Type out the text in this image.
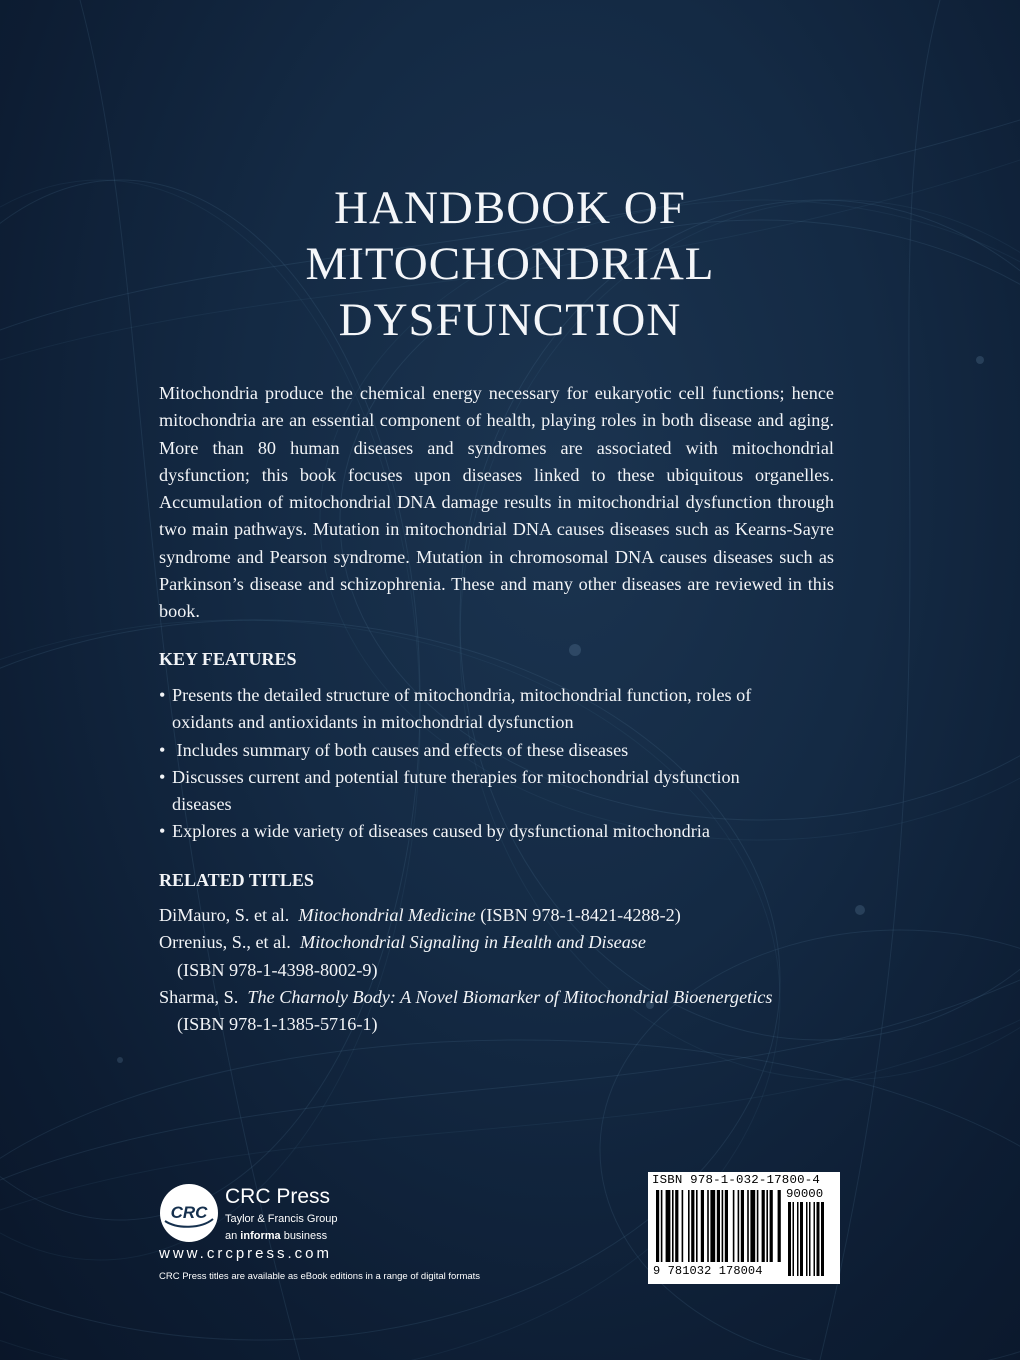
HANDBOOK OF
MITOCHONDRIAL
DYSFUNCTION

Mitochondria produce the chemical energy necessary for eukaryotic cell functions; hence mitochondria are an essential component of health, playing roles in both disease and aging. More than 80 human diseases and syndromes are associated with mitochondrial dysfunction; this book focuses upon diseases linked to these ubiquitous organelles. Accumulation of mitochondrial DNA damage results in mitochondrial dysfunction through two main pathways. Mutation in mitochondrial DNA causes diseases such as Kearns-Sayre syndrome and Pearson syndrome. Mutation in chromosomal DNA causes diseases such as Parkinson’s disease and schizophrenia. These and many other diseases are reviewed in this book.

KEY FEATURES
• Presents the detailed structure of mitochondria, mitochondrial function, roles of oxidants and antioxidants in mitochondrial dysfunction
• Includes summary of both causes and effects of these diseases
• Discusses current and potential future therapies for mitochondrial dysfunction diseases
• Explores a wide variety of diseases caused by dysfunctional mitochondria
RELATED TITLES
DiMauro, S. et al. Mitochondrial Medicine (ISBN 978-1-8421-4288-2)
Orrenius, S., et al. Mitochondrial Signaling in Health and Disease
(ISBN 978-1-4398-8002-9)
Sharma, S. The Charnoly Body: A Novel Biomarker of Mitochondrial Bioenergetics
(ISBN 978-1-1385-5716-1)
CRC

CRC Press

Taylor & Francis Group

an informa business

www.crcpress.com

CRC Press titles are available as eBook editions in a range of digital formats

ISBN 978-1-032-17800-4

90000

9 781032 178004
